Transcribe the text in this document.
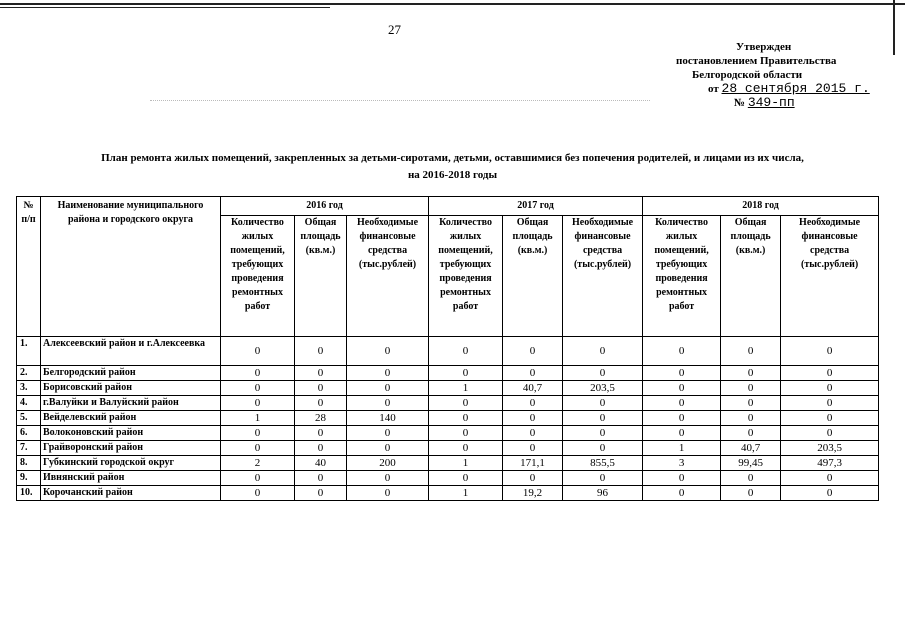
27
Утвержден
постановлением Правительства
Белгородской области
от 28 сентября 2015 г.
№ 349-пп
План ремонта жилых помещений, закрепленных за детьми-сиротами, детьми, оставшимися без попечения родителей, и лицами из их числа,
на 2016-2018 годы
№ п/п	Наименование муниципального района и городского округа	2016 год			2017 год			2018 год		
		Количество жилых помещений, требующих проведения ремонтных работ	Общая площадь (кв.м.)	Необходимые финансовые средства (тыс.рублей)	Количество жилых помещений, требующих проведения ремонтных работ	Общая площадь (кв.м.)	Необходимые финансовые средства (тыс.рублей)	Количество жилых помещений, требующих проведения ремонтных работ	Общая площадь (кв.м.)	Необходимые финансовые средства (тыс.рублей)
1.	Алексеевский район и г.Алексеевка	0	0	0	0	0	0	0	0	0
2.	Белгородский район	0	0	0	0	0	0	0	0	0
3.	Борисовский район	0	0	0	1	40,7	203,5	0	0	0
4.	г.Валуйки и Валуйский район	0	0	0	0	0	0	0	0	0
5.	Вейделевский район	1	28	140	0	0	0	0	0	0
6.	Волоконовский район	0	0	0	0	0	0	0	0	0
7.	Грайворонский район	0	0	0	0	0	0	1	40,7	203,5
8.	Губкинский городской округ	2	40	200	1	171,1	855,5	3	99,45	497,3
9.	Ивнянский район	0	0	0	0	0	0	0	0	0
10.	Корочанский район	0	0	0	1	19,2	96	0	0	0
